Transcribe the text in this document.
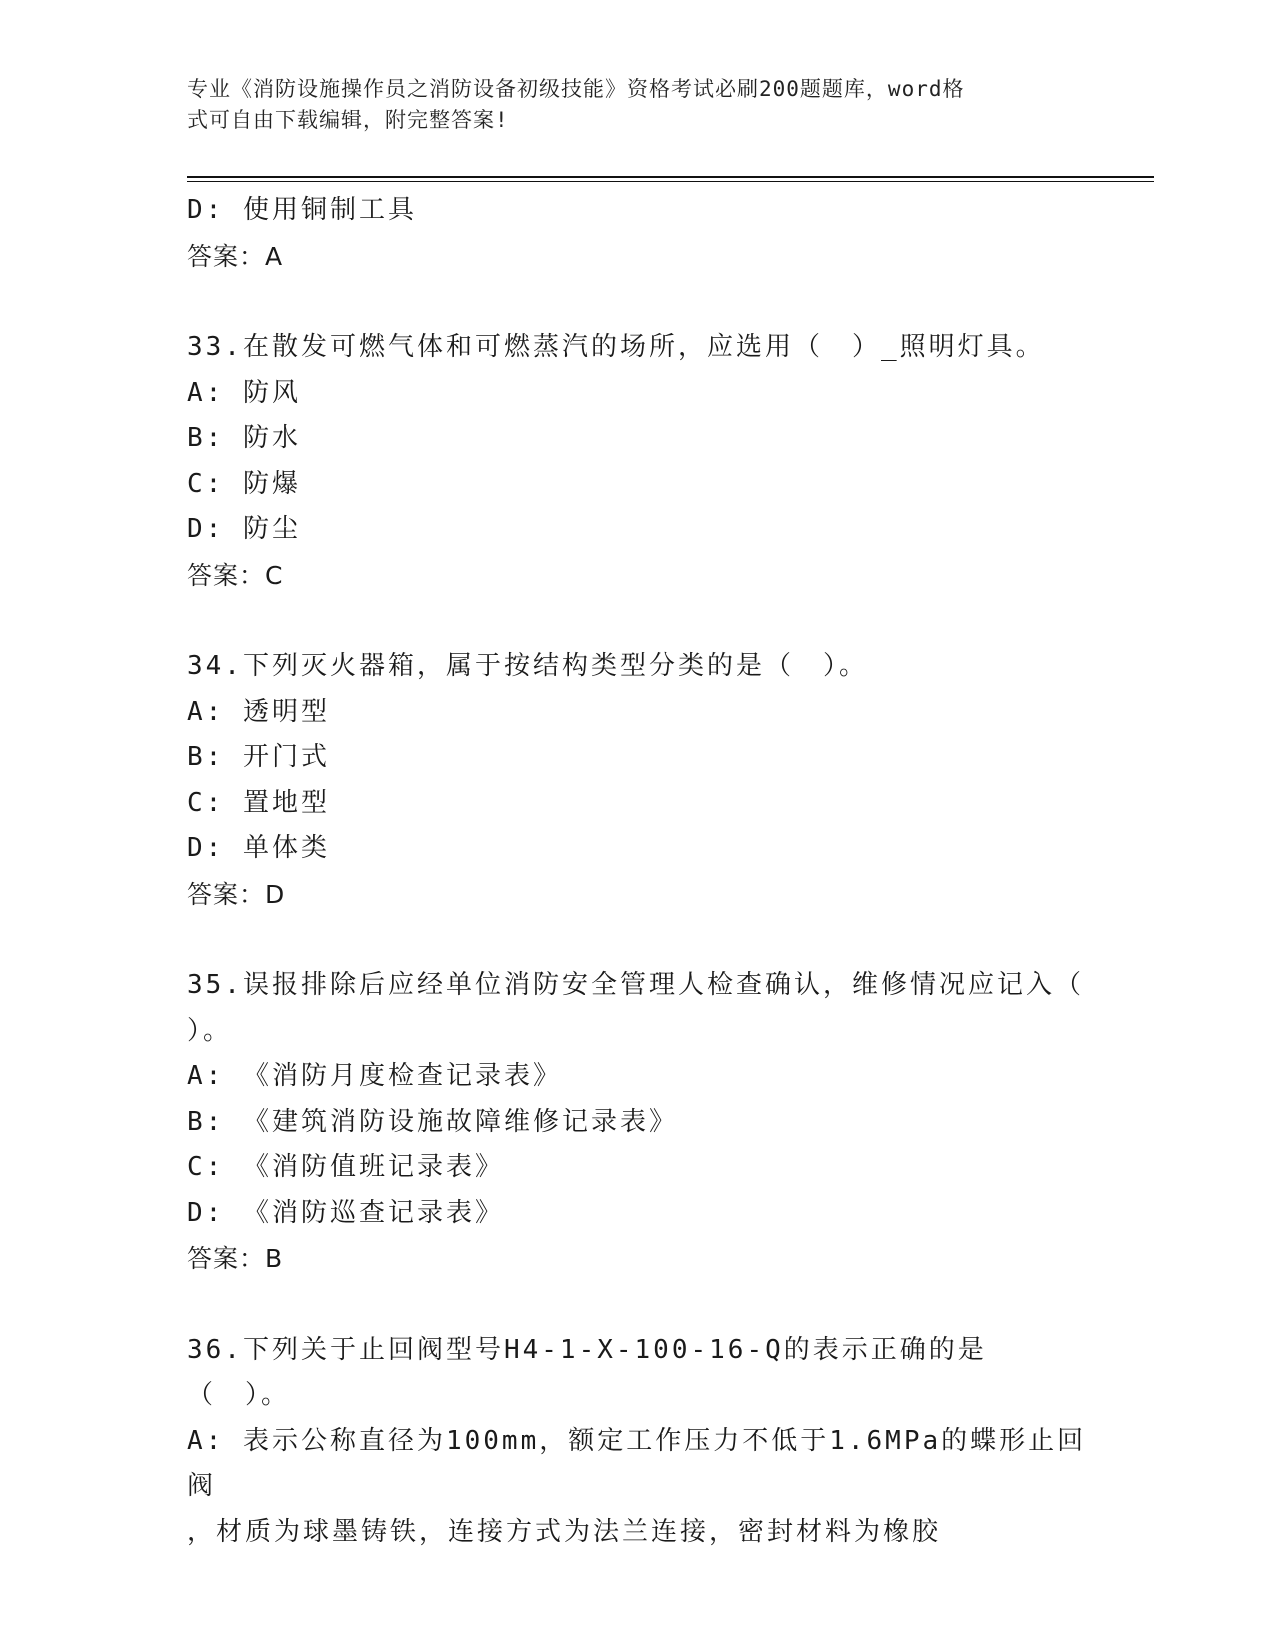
专业《消防设施操作员之消防设备初级技能》资格考试必刷200题题库，word格
式可自由下载编辑，附完整答案!
D: 使用铜制工具
答案：A
33.在散发可燃气体和可燃蒸汽的场所，应选用（　）_照明灯具。
A: 防风
B: 防水
C: 防爆
D: 防尘
答案：C
34.下列灭火器箱，属于按结构类型分类的是（　）。
A: 透明型
B: 开门式
C: 置地型
D: 单体类
答案：D
35.误报排除后应经单位消防安全管理人检查确认，维修情况应记入（
）。
A: 《消防月度检查记录表》
B: 《建筑消防设施故障维修记录表》
C: 《消防值班记录表》
D: 《消防巡查记录表》
答案：B
36.下列关于止回阀型号H4-1-X-100-16-Q的表示正确的是（　）。
A: 表示公称直径为100mm，额定工作压力不低于1.6MPa的蝶形止回阀
，材质为球墨铸铁，连接方式为法兰连接，密封材料为橡胶
